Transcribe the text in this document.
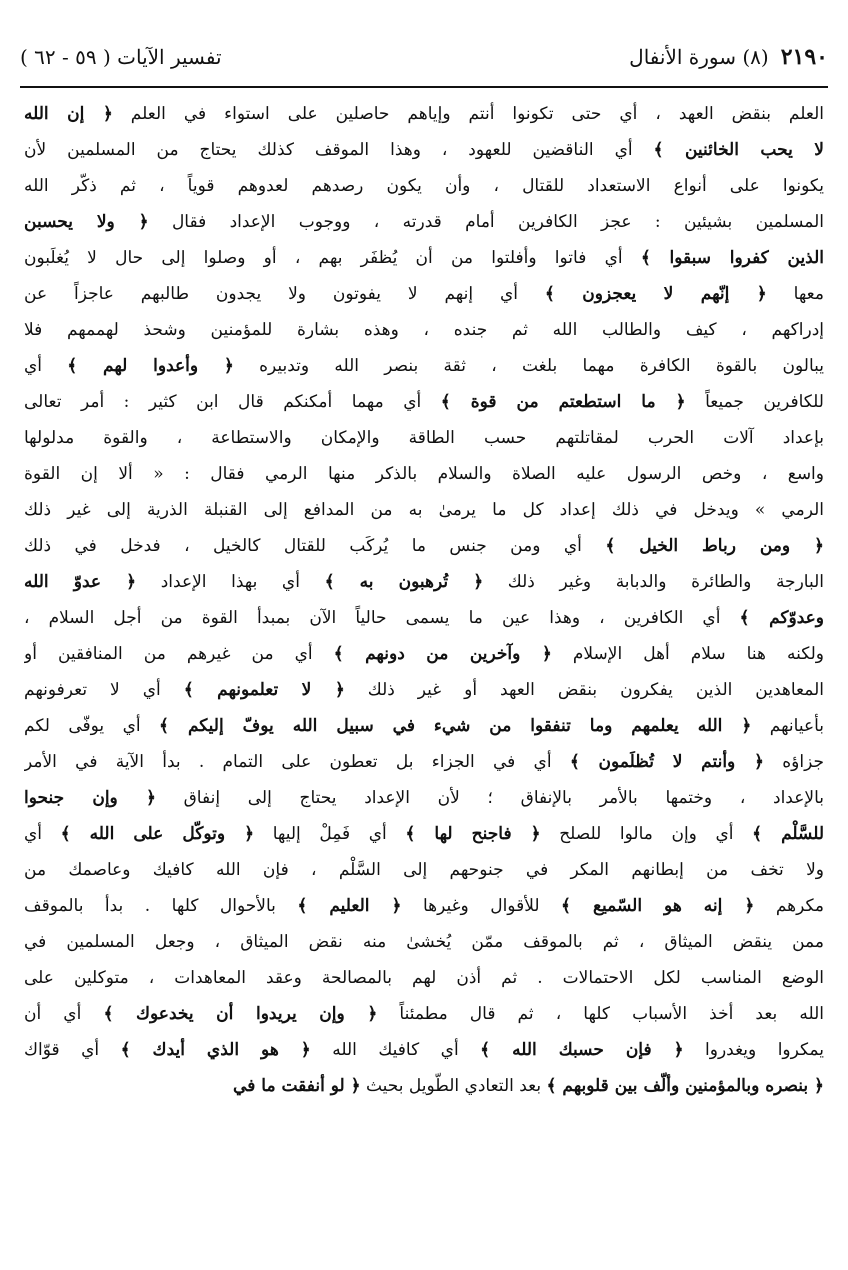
٢١٩٠
(٨) سورة الأنفال
تفسير الآيات ( ٥٩ - ٦٢ )
العلم بنقض العهد ، أي حتى تكونوا أنتم وإياهم حاصلين على استواء في العلم ﴿ إن الله
لا يحب الخائنين ﴾ أي الناقضين للعهود ، وهذا الموقف كذلك يحتاج من المسلمين لأن
يكونوا على أنواع الاستعداد للقتال ، وأن يكون رصدهم لعدوهم قوياً ، ثم ذكّر الله
المسلمين بشيئين : عجز الكافرين أمام قدرته ، ووجوب الإعداد فقال ﴿ ولا يحسبن
الذين كفروا سبقوا ﴾ أي فاتوا وأفلتوا من أن يُظفَر بهم ، أو وصلوا إلى حال لا يُغلَبون
معها ﴿ إنّهم لا يعجزون ﴾ أي إنهم لا يفوتون ولا يجدون طالبهم عاجزاً عن
إدراكهم ، كيف والطالب الله ثم جنده ، وهذه بشارة للمؤمنين وشحذ لهممهم فلا
يبالون بالقوة الكافرة مهما بلغت ، ثقة بنصر الله وتدبيره ﴿ وأعدوا لهم ﴾ أي
للكافرين جميعاً ﴿ ما استطعتم من قوة ﴾ أي مهما أمكنكم قال ابن كثير : أمر تعالى
بإعداد آلات الحرب لمقاتلتهم حسب الطاقة والإمكان والاستطاعة ، والقوة مدلولها
واسع ، وخص الرسول عليه الصلاة والسلام بالذكر منها الرمي فقال : « ألا إن القوة
الرمي » ويدخل في ذلك إعداد كل ما يرمىٰ به من المدافع إلى القنبلة الذرية إلى غير ذلك
﴿ ومن رباط الخيل ﴾ أي ومن جنس ما يُركَب للقتال كالخيل ، فدخل في ذلك
البارجة والطائرة والدبابة وغير ذلك ﴿ تُرهبون به ﴾ أي بهذا الإعداد ﴿ عدوّ الله
وعدوّكم ﴾ أي الكافرين ، وهذا عين ما يسمى حالياً الآن بمبدأ القوة من أجل السلام ،
ولكنه هنا سلام أهل الإسلام ﴿ وآخرين من دونهم ﴾ أي من غيرهم من المنافقين أو
المعاهدين الذين يفكرون بنقض العهد أو غير ذلك ﴿ لا تعلمونهم ﴾ أي لا تعرفونهم
بأعيانهم ﴿ الله يعلمهم وما تنفقوا من شيء في سبيل الله يوفّ إليكم ﴾ أي يوفّى لكم
جزاؤه ﴿ وأنتم لا تُظلَمون ﴾ أي في الجزاء بل تعطون على التمام . بدأ الآية في الأمر
بالإعداد ، وختمها بالأمر بالإنفاق ؛ لأن الإعداد يحتاج إلى إنفاق ﴿ وإن جنحوا
للسَّلْم ﴾ أي وإن مالوا للصلح ﴿ فاجنح لها ﴾ أي فَمِلْ إليها ﴿ وتوكّل على الله ﴾ أي
ولا تخف من إبطانهم المكر في جنوحهم إلى السَّلْم ، فإن الله كافيك وعاصمك من
مكرهم ﴿ إنه هو السّميع ﴾ للأقوال وغيرها ﴿ العليم ﴾ بالأحوال كلها . بدأ بالموقف
ممن ينقض الميثاق ، ثم بالموقف ممّن يُخشىٰ منه نقض الميثاق ، وجعل المسلمين في
الوضع المناسب لكل الاحتمالات . ثم أذن لهم بالمصالحة وعقد المعاهدات ، متوكلين على
الله بعد أخذ الأسباب كلها ، ثم قال مطمئناً ﴿ وإن يريدوا أن يخدعوك ﴾ أي أن
يمكروا ويغدروا ﴿ فإن حسبك الله ﴾ أي كافيك الله ﴿ هو الذي أيدك ﴾ أي قوّاك
﴿ بنصره وبالمؤمنين وألّف بين قلوبهم ﴾ بعد التعادي الطّويل بحيث ﴿ لو أنفقت ما في
